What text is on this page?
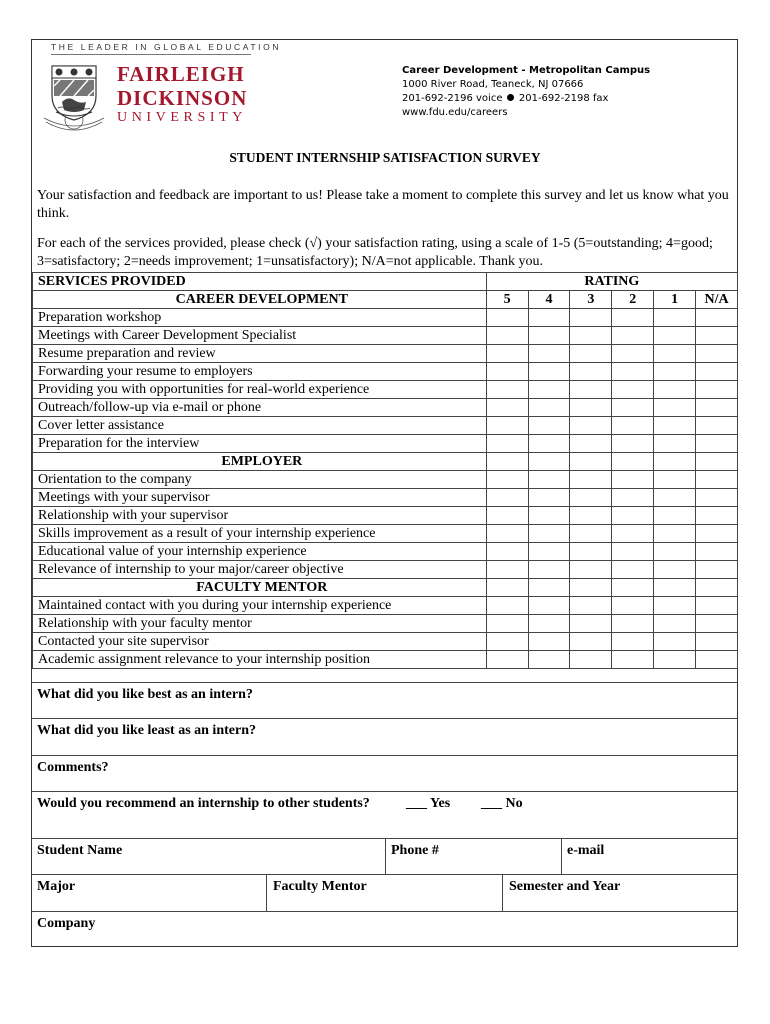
THE LEADER IN GLOBAL EDUCATION
FAIRLEIGH
DICKINSON
UNIVERSITY
Career Development - Metropolitan Campus
1000 River Road, Teaneck, NJ 07666
201-692-2196 voice 201-692-2198 fax
www.fdu.edu/careers
STUDENT INTERNSHIP SATISFACTION SURVEY
Your satisfaction and feedback are important to us! Please take a moment to complete this survey and let us know what you think.
For each of the services provided, please check (√) your satisfaction rating, using a scale of 1-5 (5=outstanding; 4=good; 3=satisfactory; 2=needs improvement; 1=unsatisfactory); N/A=not applicable. Thank you.
SERVICES PROVIDED	RATING					
CAREER DEVELOPMENT	5	4	3	2	1	N/A
Preparation workshop						
Meetings with Career Development Specialist						
Resume preparation and review						
Forwarding your resume to employers						
Providing you with opportunities for real-world experience						
Outreach/follow-up via e-mail or phone						
Cover letter assistance						
Preparation for the interview						
EMPLOYER						
Orientation to the company						
Meetings with your supervisor						
Relationship with your supervisor						
Skills improvement as a result of your internship experience						
Educational value of your internship experience						
Relevance of internship to your major/career objective						
FACULTY MENTOR						
Maintained contact with you during your internship experience						
Relationship with your faculty mentor						
Contacted your site supervisor						
Academic assignment relevance to your internship position						
What did you like best as an intern?
What did you like least as an intern?
Comments?
Would you recommend an internship to other students?	___ Yes ___ No
Student Name	Phone #	e-mail
Major	Faculty Mentor	Semester and Year
Company
